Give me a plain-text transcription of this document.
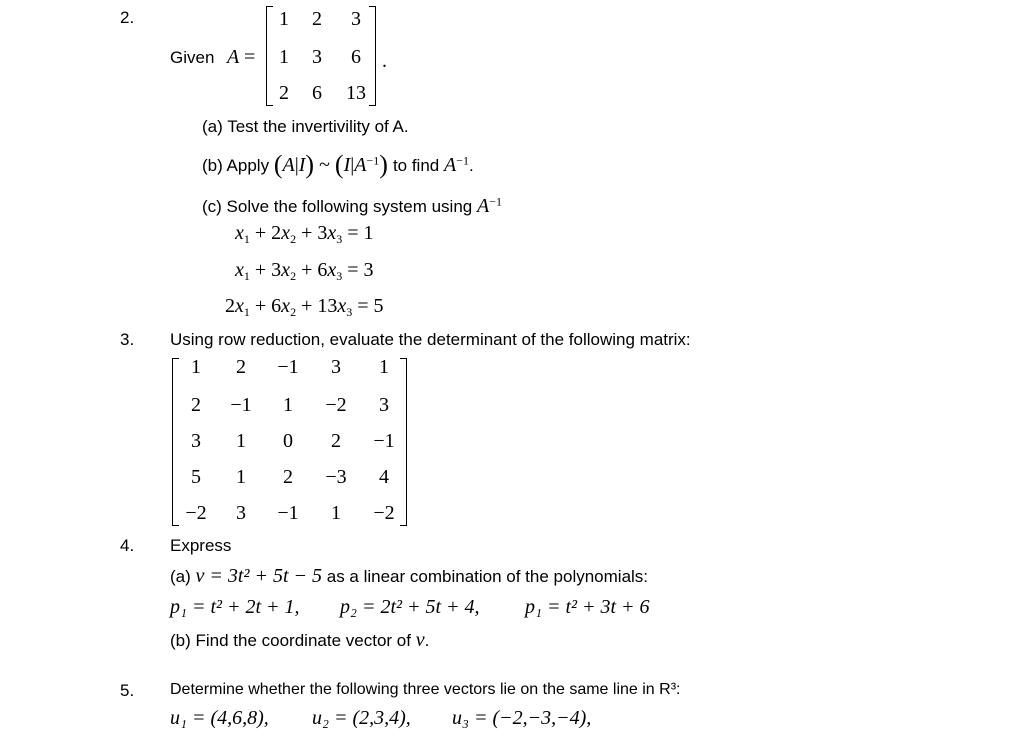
2.
Given A =
1	2	3
1	3	6
2	6	13
.
(a) Test the invertivility of A.
(b) Apply (A|I) ~ $(I|A^{-1})$ to find $A^{-1}$.
(c) Solve the following system using $A^{-1}$
$x_1 + 2x_2 + 3x_3 = 1$
$x_1 + 3x_2 + 6x_3 = 3$
$2x_1 + 6x_2 + 13x_3 = 5$
3. Using row reduction, evaluate the determinant of the following matrix:
1	2	−1	3	1
2	−1	1	−2	3
3	1	0	2	−1
5	1	2	−3	4
−2	3	−1	1	−2
4. Express
(a) v = 3t² + 5t − 5 as a linear combination of the polynomials:
p₁ = t² + 2t + 1, p₂ = 2t² + 5t + 4, p₁ = t² + 3t + 6
(b) Find the coordinate vector of v.
5. Determine whether the following three vectors lie on the same line in R³:
u₁ = (4,6,8), u₂ = (2,3,4), u₃ = (−2,−3,−4),
